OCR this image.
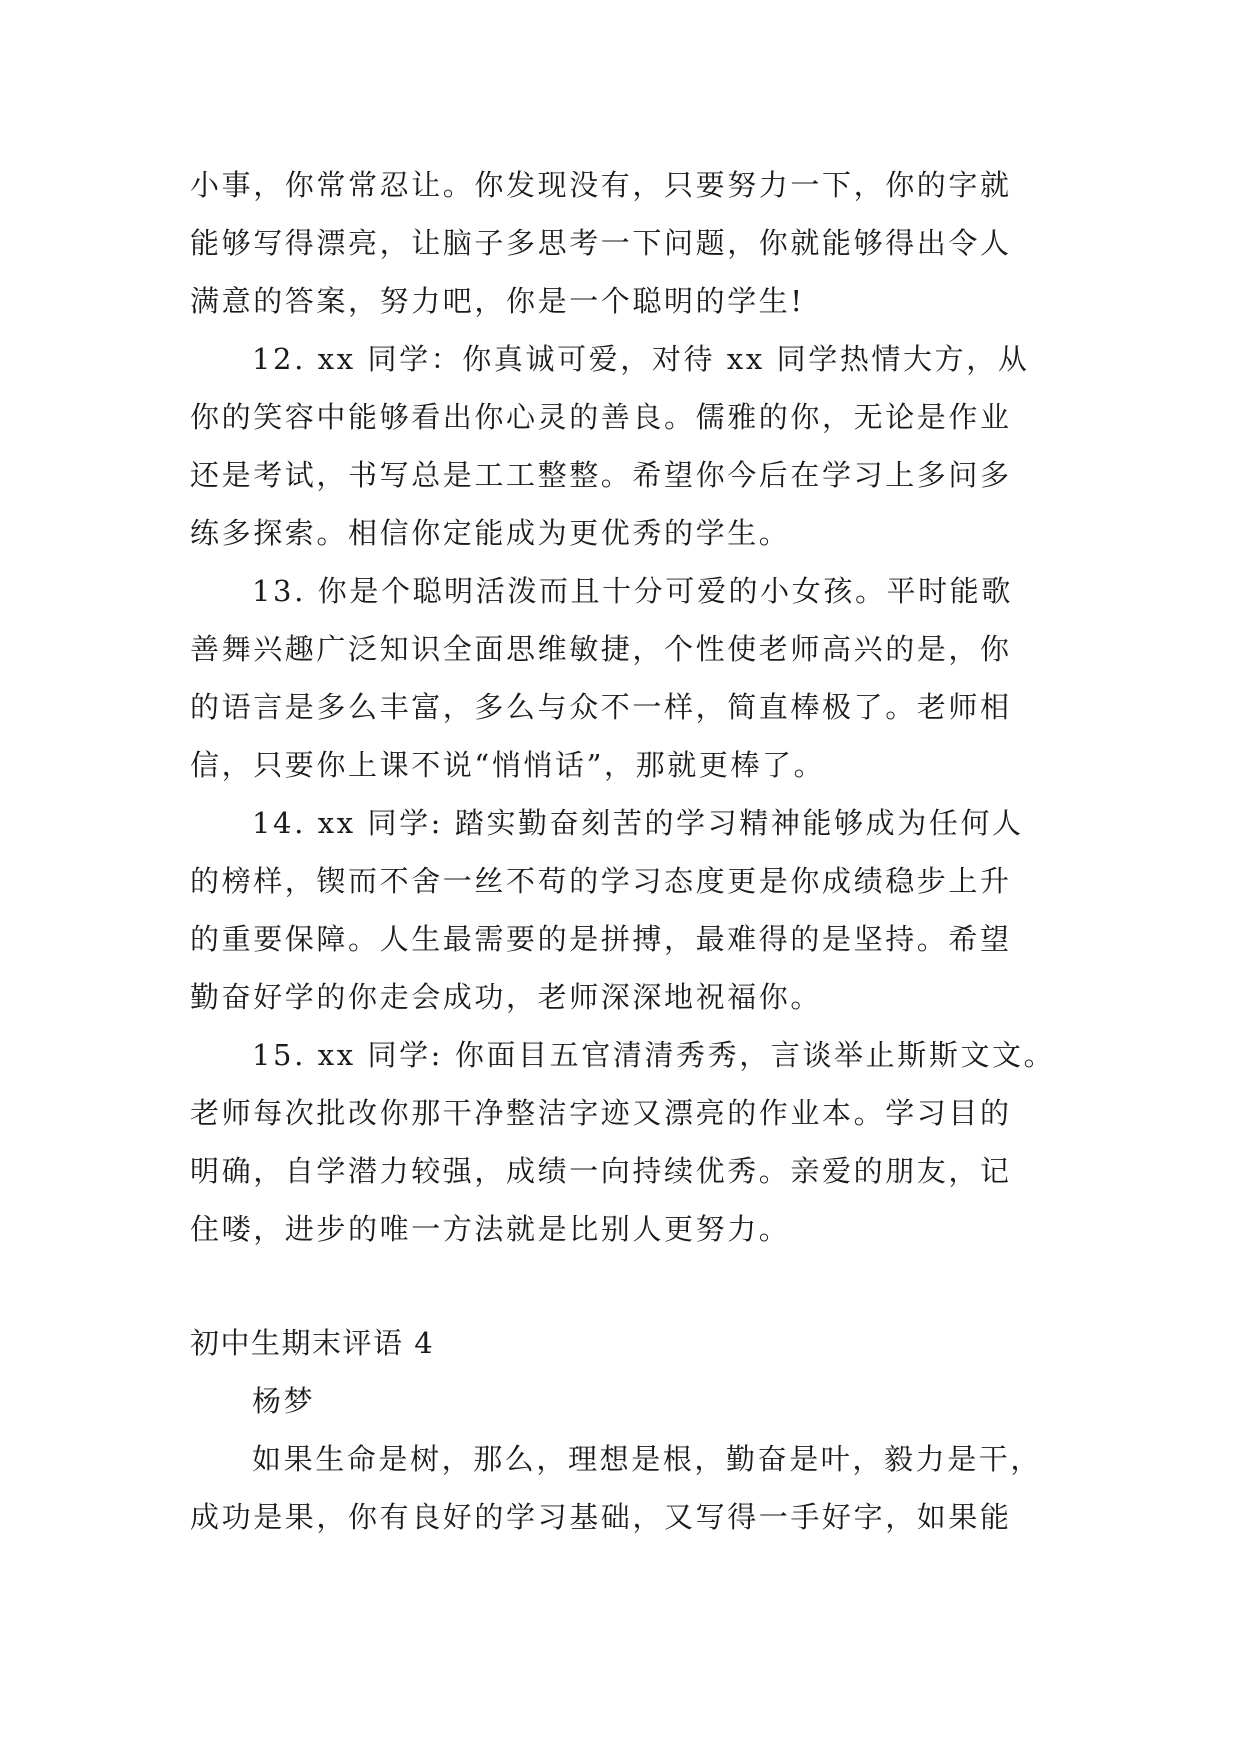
小事，你常常忍让。你发现没有，只要努力一下，你的字就
能够写得漂亮，让脑子多思考一下问题，你就能够得出令人
满意的答案，努力吧，你是一个聪明的学生!
12. xx 同学：你真诚可爱，对待 xx 同学热情大方，从
你的笑容中能够看出你心灵的善良。儒雅的你，无论是作业
还是考试，书写总是工工整整。希望你今后在学习上多问多
练多探索。相信你定能成为更优秀的学生。
13. 你是个聪明活泼而且十分可爱的小女孩。平时能歌
善舞兴趣广泛知识全面思维敏捷，个性使老师高兴的是，你
的语言是多么丰富，多么与众不一样，简直棒极了。老师相
信，只要你上课不说“悄悄话”，那就更棒了。
14. xx 同学: 踏实勤奋刻苦的学习精神能够成为任何人
的榜样，锲而不舍一丝不苟的学习态度更是你成绩稳步上升
的重要保障。人生最需要的是拼搏，最难得的是坚持。希望
勤奋好学的你走会成功，老师深深地祝福你。
15. xx 同学: 你面目五官清清秀秀，言谈举止斯斯文文。
老师每次批改你那干净整洁字迹又漂亮的作业本。学习目的
明确，自学潜力较强，成绩一向持续优秀。亲爱的朋友，记
住喽，进步的唯一方法就是比别人更努力。
初中生期末评语 4
杨梦
如果生命是树，那么，理想是根，勤奋是叶，毅力是干，
成功是果，你有良好的学习基础，又写得一手好字，如果能
